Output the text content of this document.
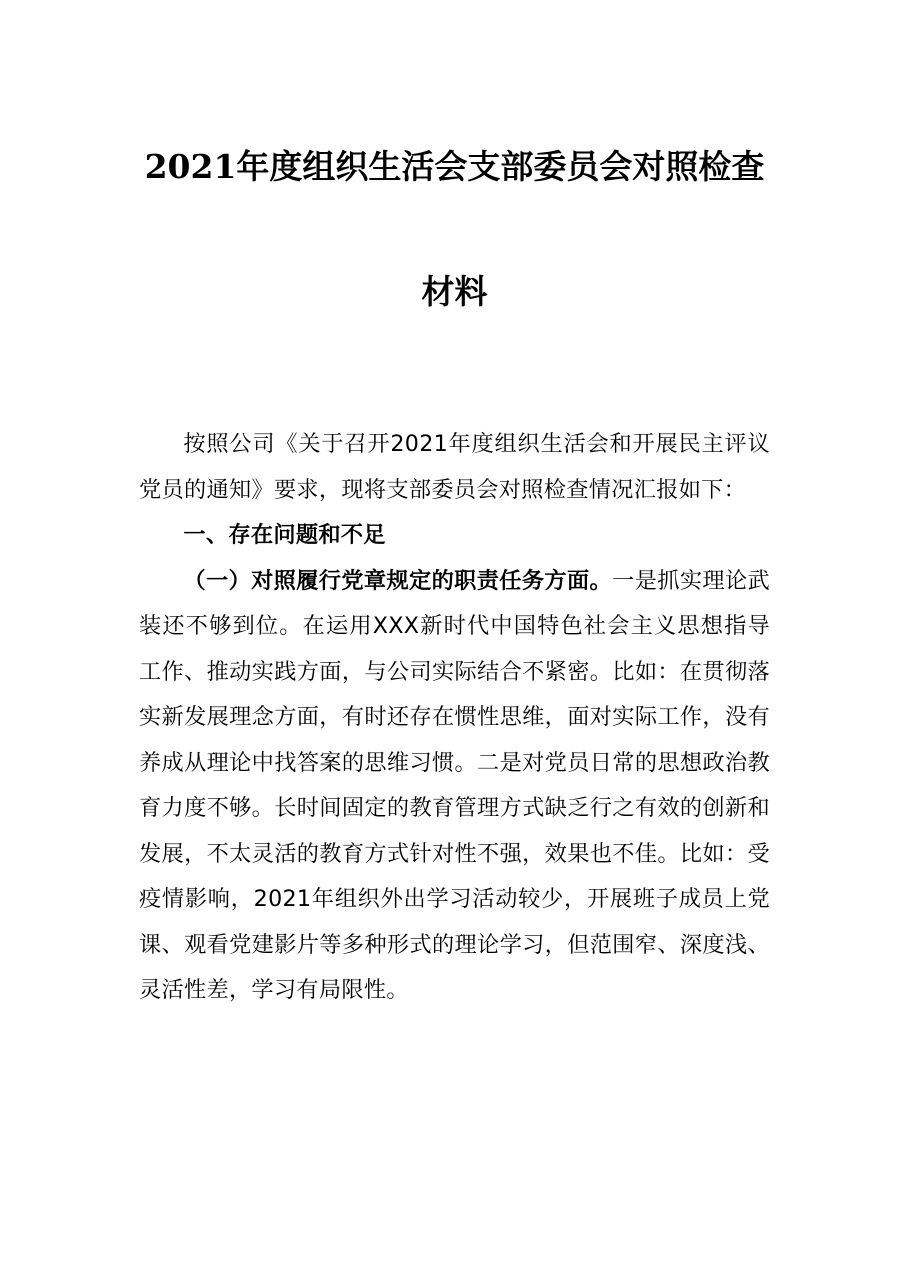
2021年度组织生活会支部委员会对照检查
材料

按照公司《关于召开2021年度组织生活会和开展民主评议党员的通知》要求，现将支部委员会对照检查情况汇报如下：

一、存在问题和不足

（一）对照履行党章规定的职责任务方面。一是抓实理论武装还不够到位。在运用XXX新时代中国特色社会主义思想指导工作、推动实践方面，与公司实际结合不紧密。比如：在贯彻落实新发展理念方面，有时还存在惯性思维，面对实际工作，没有养成从理论中找答案的思维习惯。二是对党员日常的思想政治教育力度不够。长时间固定的教育管理方式缺乏行之有效的创新和发展，不太灵活的教育方式针对性不强，效果也不佳。比如：受疫情影响，2021年组织外出学习活动较少，开展班子成员上党课、观看党建影片等多种形式的理论学习，但范围窄、深度浅、灵活性差，学习有局限性。
